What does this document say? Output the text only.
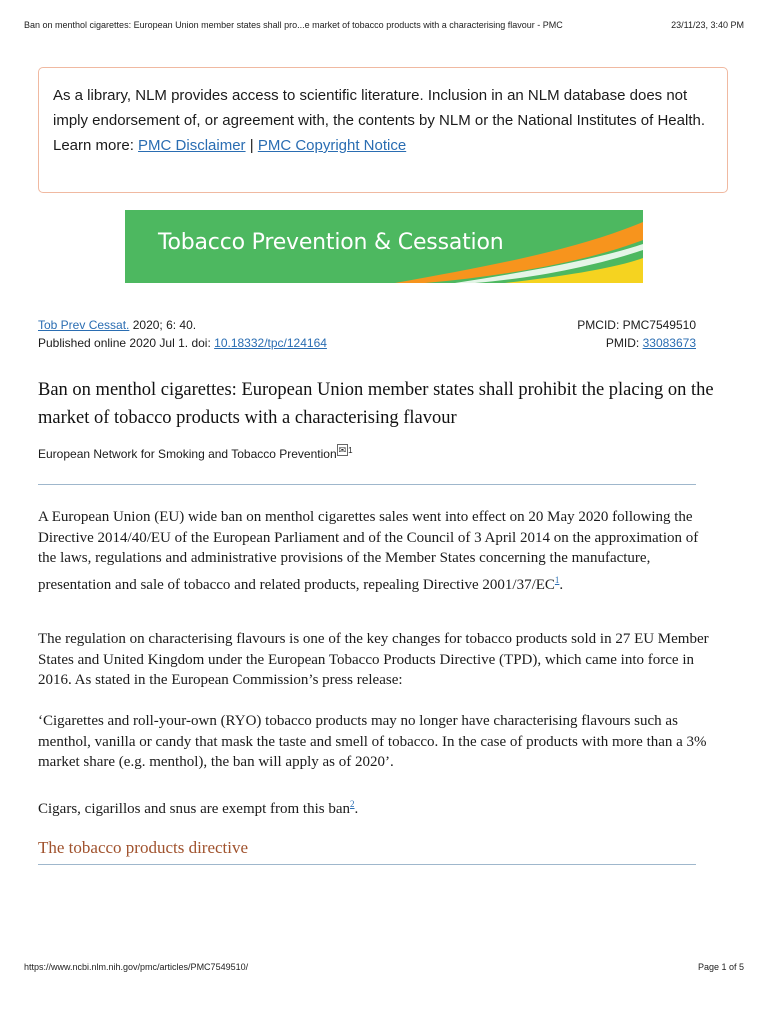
Ban on menthol cigarettes: European Union member states shall pro...e market of tobacco products with a characterising flavour - PMC	23/11/23, 3:40 PM
As a library, NLM provides access to scientific literature. Inclusion in an NLM database does not imply endorsement of, or agreement with, the contents by NLM or the National Institutes of Health.
Learn more: PMC Disclaimer | PMC Copyright Notice
Tobacco Prevention & Cessation
Tob Prev Cessat. 2020; 6: 40.	PMCID: PMC7549510
Published online 2020 Jul 1. doi: 10.18332/tpc/124164	PMID: 33083673
Ban on menthol cigarettes: European Union member states shall prohibit the placing on the market of tobacco products with a characterising flavour
European Network for Smoking and Tobacco Prevention ✉ $^1$
A European Union (EU) wide ban on menthol cigarettes sales went into effect on 20 May 2020 following the Directive 2014/40/EU of the European Parliament and of the Council of 3 April 2014 on the approximation of the laws, regulations and administrative provisions of the Member States concerning the manufacture, presentation and sale of tobacco and related products, repealing Directive 2001/37/EC$^1$.
The regulation on characterising flavours is one of the key changes for tobacco products sold in 27 EU Member States and United Kingdom under the European Tobacco Products Directive (TPD), which came into force in 2016. As stated in the European Commission’s press release:
‘Cigarettes and roll-your-own (RYO) tobacco products may no longer have characterising flavours such as menthol, vanilla or candy that mask the taste and smell of tobacco. In the case of products with more than a 3% market share (e.g. menthol), the ban will apply as of 2020’.
Cigars, cigarillos and snus are exempt from this ban$^2$.
The tobacco products directive
https://www.ncbi.nlm.nih.gov/pmc/articles/PMC7549510/	Page 1 of 5
